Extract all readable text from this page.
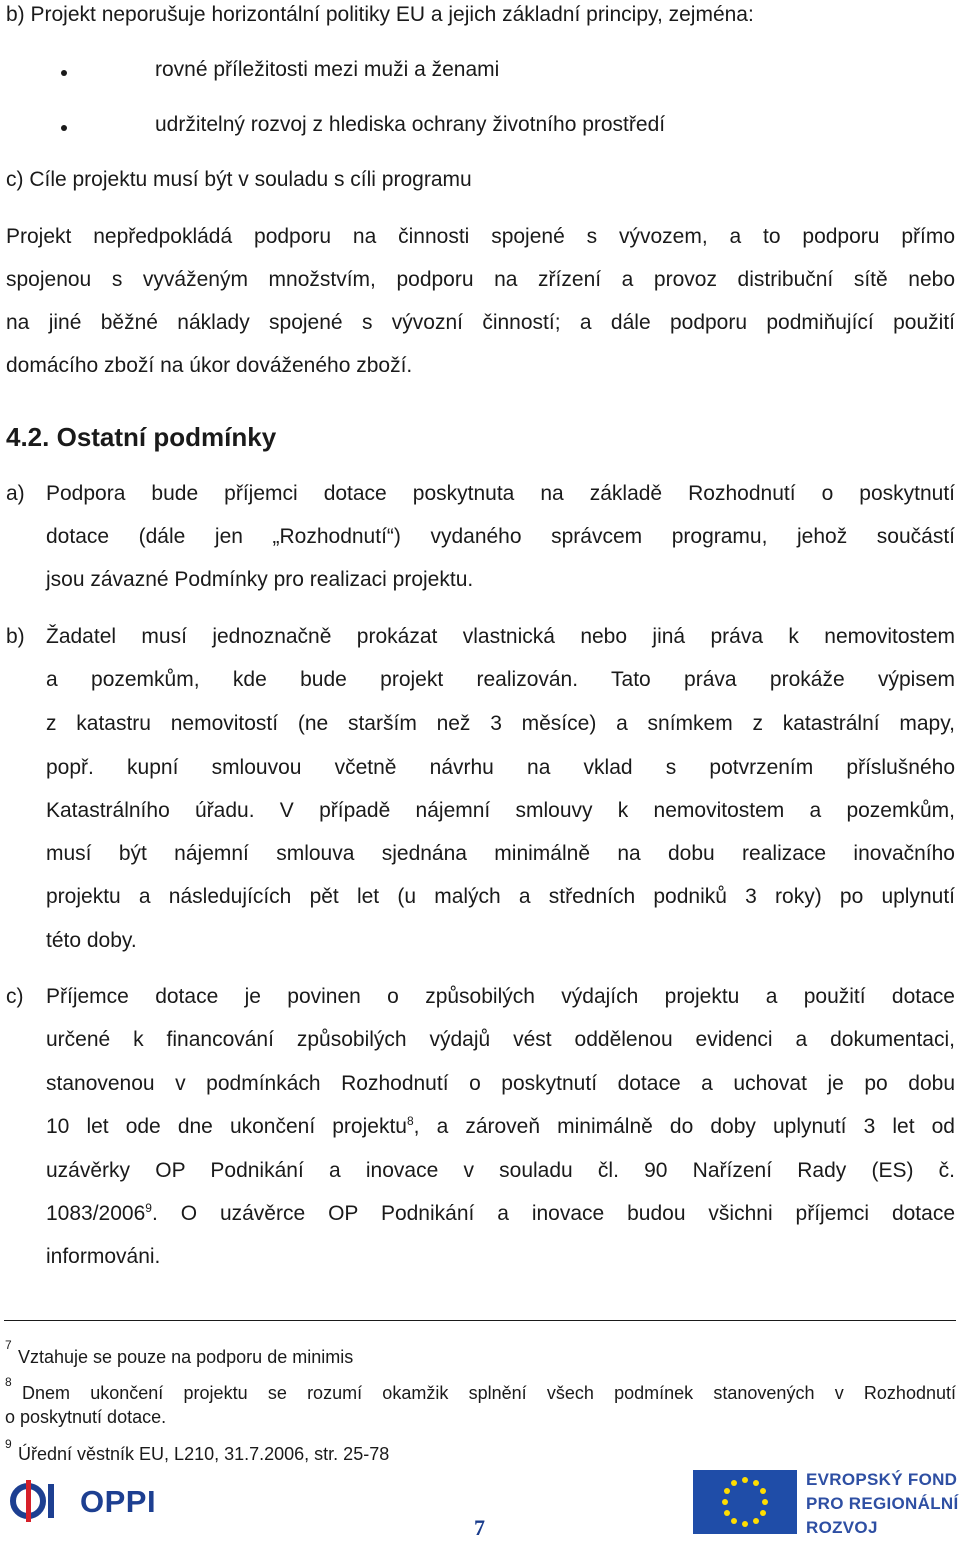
b) Projekt neporušuje horizontální politiky EU a jejich základní principy, zejména:
rovné příležitosti mezi muži a ženami
udržitelný rozvoj z hlediska ochrany životního prostředí
c) Cíle projektu musí být v souladu s cíli programu
Projekt nepředpokládá podporu na činnosti spojené s vývozem, a to podporu přímo
spojenou s vyváženým množstvím, podporu na zřízení a provoz distribuční sítě nebo
na jiné běžné náklady spojené s vývozní činností; a dále podporu podmiňující použití
domácího zboží na úkor dováženého zboží.
4.2. Ostatní podmínky
a) Podpora bude příjemci dotace poskytnuta na základě Rozhodnutí o poskytnutí
dotace (dále jen „Rozhodnutí“) vydaného správcem programu, jehož součástí
jsou závazné Podmínky pro realizaci projektu.
b) Žadatel musí jednoznačně prokázat vlastnická nebo jiná práva k nemovitostem
a pozemkům, kde bude projekt realizován. Tato práva prokáže výpisem
z katastru nemovitostí (ne starším než 3 měsíce) a snímkem z katastrální mapy,
popř. kupní smlouvou včetně návrhu na vklad s potvrzením příslušného
Katastrálního úřadu. V případě nájemní smlouvy k nemovitostem a pozemkům,
musí být nájemní smlouva sjednána minimálně na dobu realizace inovačního
projektu a následujících pět let (u malých a středních podniků 3 roky) po uplynutí
této doby.
c) Příjemce dotace je povinen o způsobilých výdajích projektu a použití dotace
určené k financování způsobilých výdajů vést oddělenou evidenci a dokumentaci,
stanovenou v podmínkách Rozhodnutí o poskytnutí dotace a uchovat je po dobu
10 let ode dne ukončení projektu$^8$, a zároveň minimálně do doby uplynutí 3 let od
uzávěrky OP Podnikání a inovace v souladu čl. 90 Nařízení Rady (ES) č.
1083/2006$^9$. O uzávěrce OP Podnikání a inovace budou všichni příjemci dotace
informováni.
7
Vztahuje se pouze na podporu de minimis
8
Dnem ukončení projektu se rozumí okamžik splnění všech podmínek stanovených v Rozhodnutí
o poskytnutí dotace.
9 Úřední věstník EU, L210, 31.7.2006, str. 25-78
OPPI
7
EVROPSKÝ FOND
PRO REGIONÁLNÍ
ROZVOJ
